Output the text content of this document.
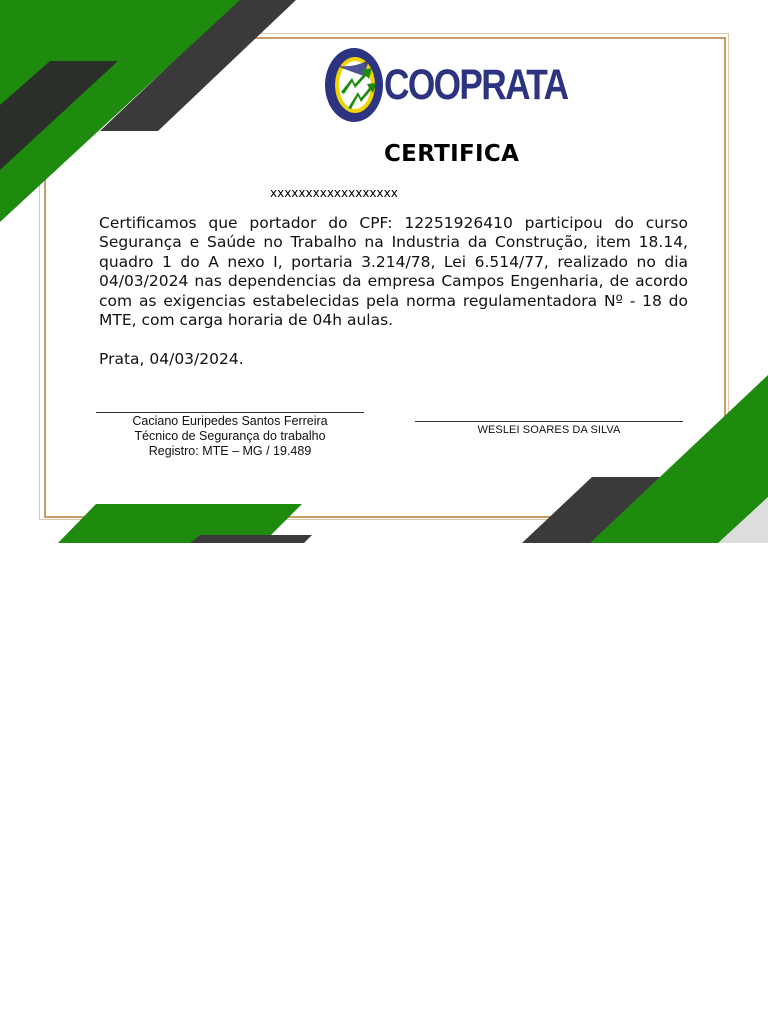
COOPRATA
CERTIFICA
xxxxxxxxxxxxxxxxxx
Certificamos que portador do CPF: 12251926410 participou do curso Segurança e Saúde no Trabalho na Industria da Construção, item 18.14, quadro 1 do A nexo I, portaria 3.214/78, Lei 6.514/77, realizado no dia 04/03/2024 nas dependencias da empresa Campos Engenharia, de acordo com as exigencias estabelecidas pela norma regulamentadora Nº - 18 do MTE, com carga horaria de 04h aulas.
Prata, 04/03/2024.
Caciano Euripedes Santos Ferreira
Técnico de Segurança do trabalho
Registro: MTE – MG / 19.489
WESLEI SOARES DA SILVA
